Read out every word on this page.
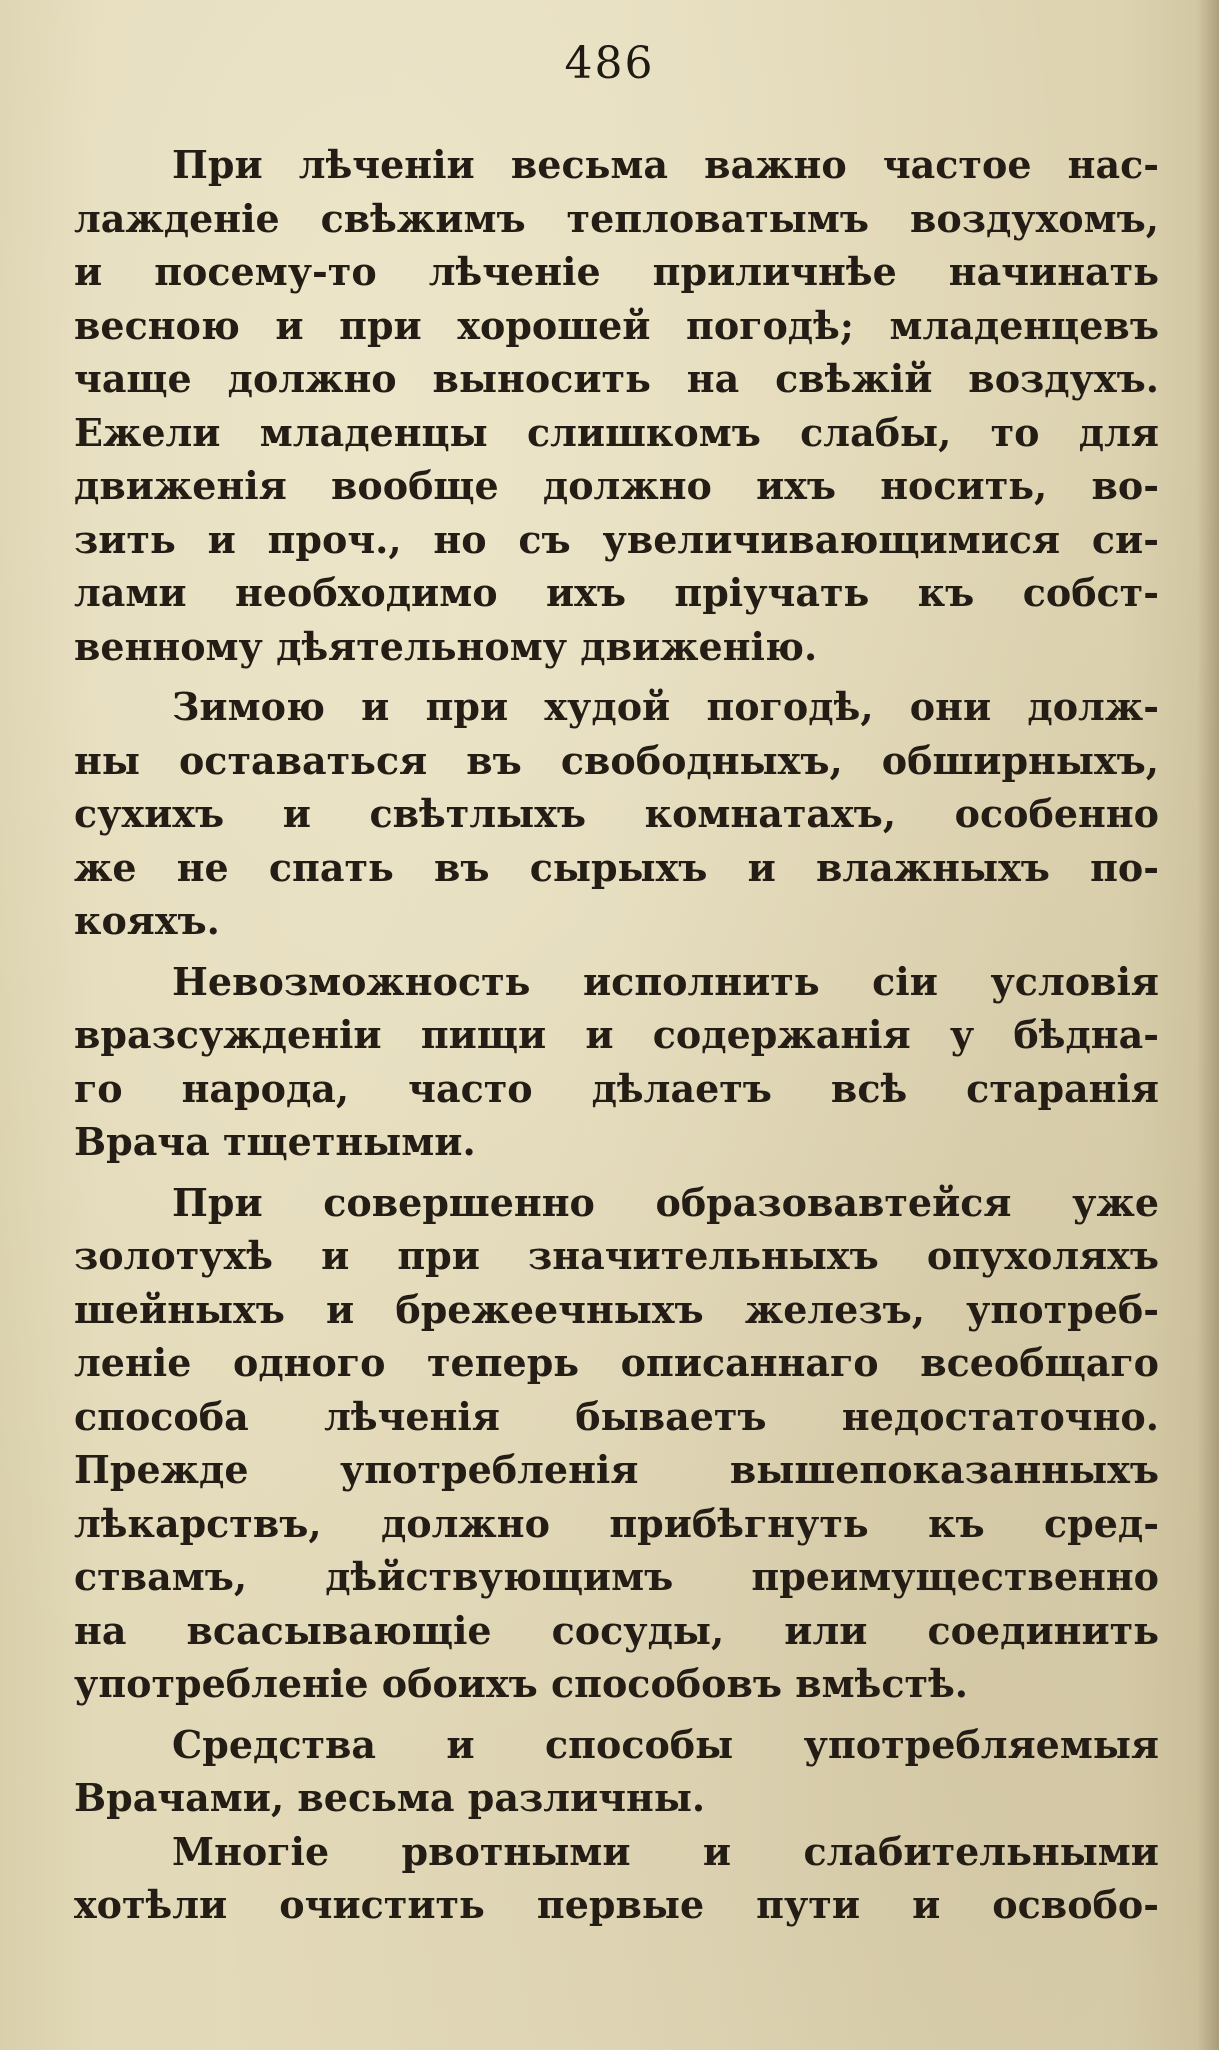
486
При лѣченіи весьма важно частое нас-
лажденіе свѣжимъ тепловатымъ воздухомъ,
и посему-то лѣченіе приличнѣе начинать
весною и при хорошей погодѣ; младенцевъ
чаще должно выносить на свѣжій воздухъ.
Ежели младенцы слишкомъ слабы, то для
движенія вообще должно ихъ носить, во-
зить и проч., но съ увеличивающимися си-
лами необходимо ихъ пріучать къ собст-
венному дѣятельному движенію.
Зимою и при худой погодѣ, они долж-
ны оставаться въ свободныхъ, обширныхъ,
сухихъ и свѣтлыхъ комнатахъ, особенно
же не спать въ сырыхъ и влажныхъ по-
кояхъ.
Невозможность исполнить сіи условія
вразсужденіи пищи и содержанія у бѣдна-
го народа, часто дѣлаетъ всѣ старанія
Врача тщетными.
При совершенно образовавтейся уже
золотухѣ и при значительныхъ опухоляхъ
шейныхъ и брежеечныхъ железъ, употреб-
леніе одного теперь описаннаго всеобщаго
способа лѣченія бываетъ недостаточно.
Прежде употребленія вышепоказанныхъ
лѣкарствъ, должно прибѣгнуть къ сред-
ствамъ, дѣйствующимъ преимущественно
на всасывающіе сосуды, или соединить
употребленіе обоихъ способовъ вмѣстѣ.
Средства и способы употребляемыя
Врачами, весьма различны.
Многіе рвотными и слабительными
хотѣли очистить первые пути и освобо-
